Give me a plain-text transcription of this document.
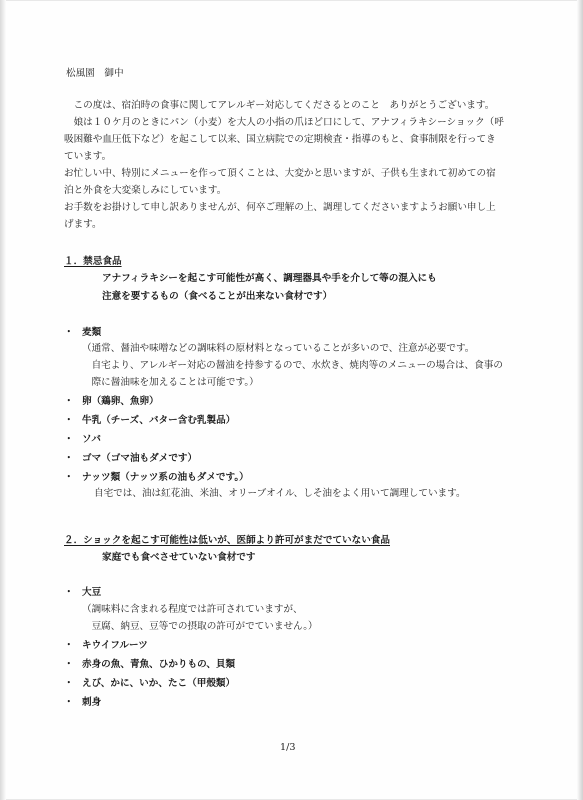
松風園　御中
　この度は、宿泊時の食事に関してアレルギー対応してくださるとのこと　ありがとうございます。
　娘は１０ケ月のときにパン（小麦）を大人の小指の爪ほど口にして、アナフィラキシーショック（呼
吸困難や血圧低下など）を起こして以来、国立病院での定期検査・指導のもと、食事制限を行ってき
ています。
お忙しい中、特別にメニューを作って頂くことは、大変かと思いますが、子供も生まれて初めての宿
泊と外食を大変楽しみにしています。
お手数をお掛けして申し訳ありませんが、何卒ご理解の上、調理してくださいますようお願い申し上
げます。
１．禁忌食品
アナフィラキシーを起こす可能性が高く、調理器具や手を介して等の混入にも
注意を要するもの（食べることが出来ない食材です）
麦類
・
（通常、醤油や味噌などの調味料の原材料となっていることが多いので、注意が必要です。
　自宅より、アレルギー対応の醤油を持参するので、水炊き、焼肉等のメニューの場合は、食事の
　際に醤油味を加えることは可能です。）
卵（鶏卵、魚卵）
・
牛乳（チーズ、バター含む乳製品）
・
ソバ
・
ゴマ（ゴマ油もダメです）
・
ナッツ類（ナッツ系の油もダメです。）
・
自宅では、油は紅花油、米油、オリーブオイル、しそ油をよく用いて調理しています。
２．ショックを起こす可能性は低いが、医師より許可がまだでていない食品
家庭でも食べさせていない食材です
大豆
・
（調味料に含まれる程度では許可されていますが、
　豆腐、納豆、豆等での摂取の許可がでていません。）
キウイフルーツ
・
赤身の魚、青魚、ひかりもの、貝類
・
えび、かに、いか、たこ（甲殻類）
・
刺身
・
1/3
